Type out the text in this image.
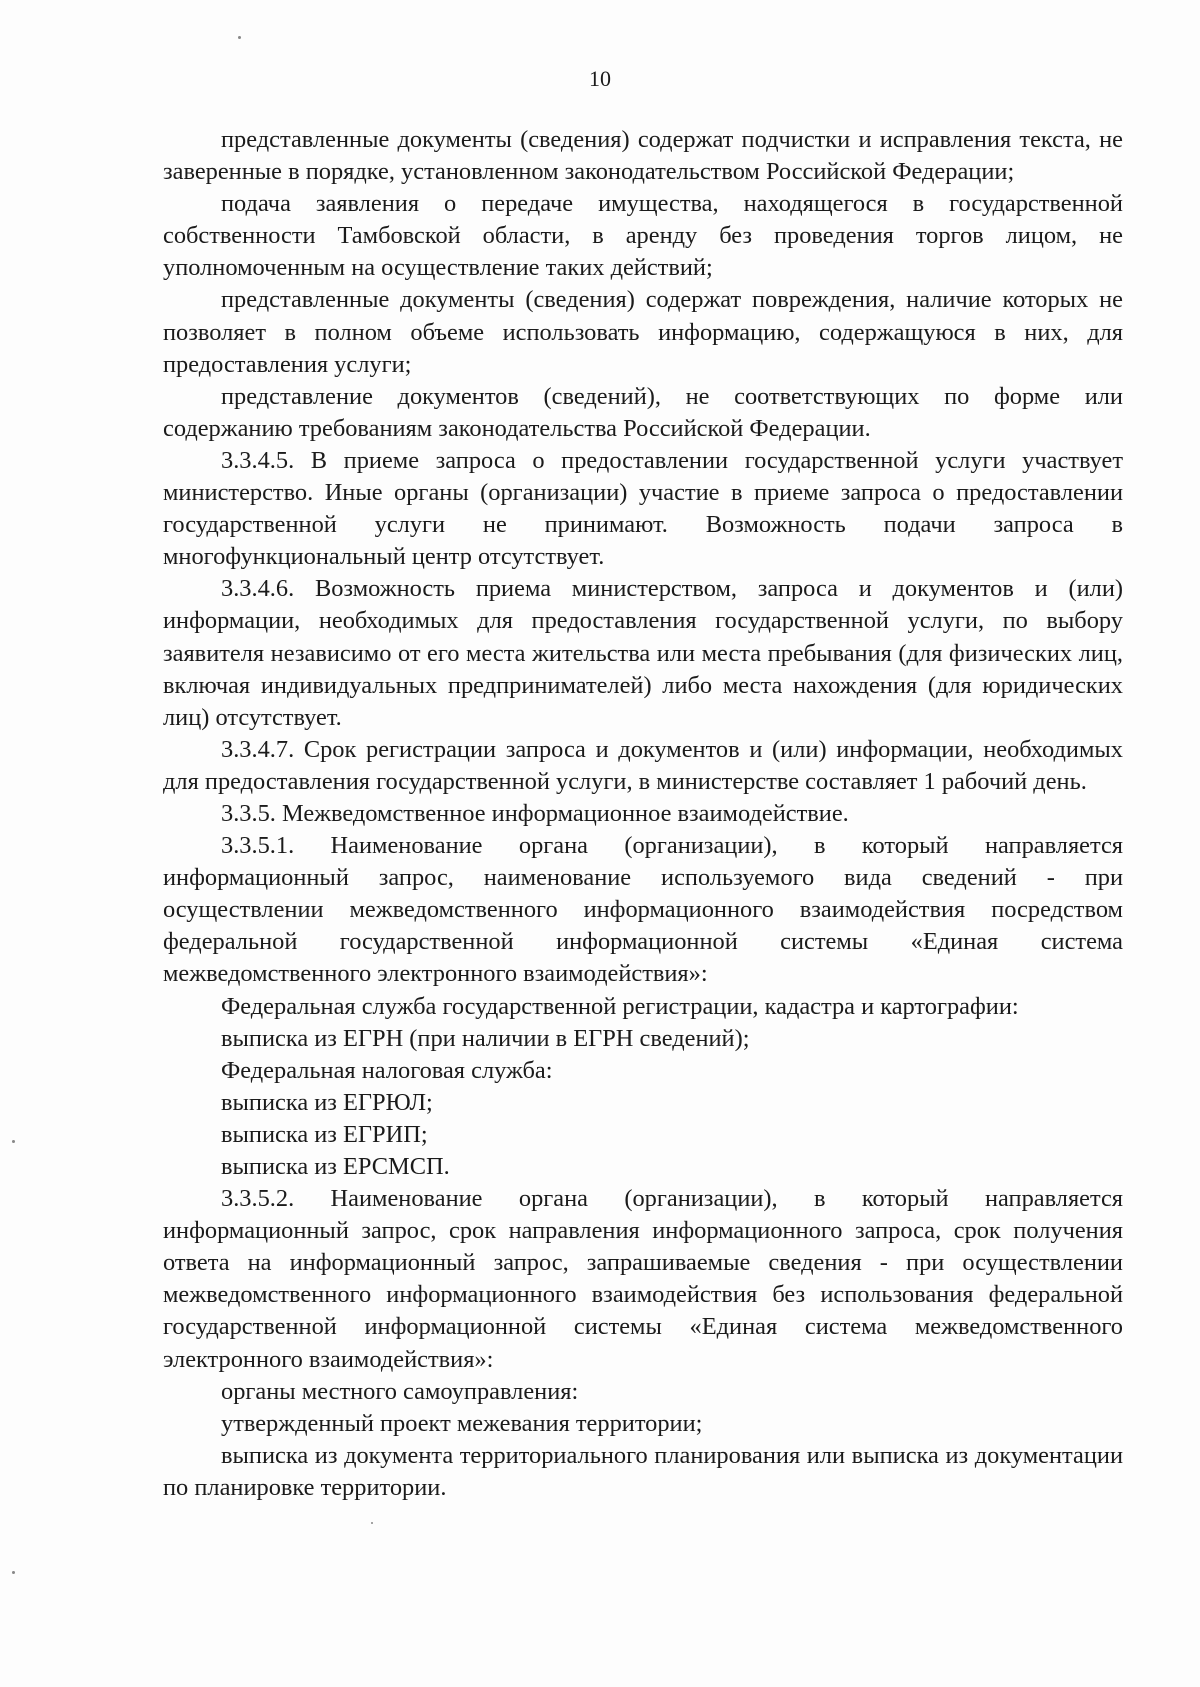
10

представленные документы (сведения) содержат подчистки и исправления текста, не заверенные в порядке, установленном законодательством Российской Федерации;

подача заявления о передаче имущества, находящегося в государственной собственности Тамбовской области, в аренду без проведения торгов лицом, не уполномоченным на осуществление таких действий;

представленные документы (сведения) содержат повреждения, наличие которых не позволяет в полном объеме использовать информацию, содержащуюся в них, для предоставления услуги;

представление документов (сведений), не соответствующих по форме или содержанию требованиям законодательства Российской Федерации.

3.3.4.5. В приеме запроса о предоставлении государственной услуги участвует министерство. Иные органы (организации) участие в приеме запроса о предоставлении государственной услуги не принимают. Возможность подачи запроса в многофункциональный центр отсутствует.

3.3.4.6. Возможность приема министерством, запроса и документов и (или) информации, необходимых для предоставления государственной услуги, по выбору заявителя независимо от его места жительства или места пребывания (для физических лиц, включая индивидуальных предпринимателей) либо места нахождения (для юридических лиц) отсутствует.

3.3.4.7. Срок регистрации запроса и документов и (или) информации, необходимых для предоставления государственной услуги, в министерстве составляет 1 рабочий день.

3.3.5. Межведомственное информационное взаимодействие.

3.3.5.1. Наименование органа (организации), в который направляется информационный запрос, наименование используемого вида сведений - при осуществлении межведомственного информационного взаимодействия посредством федеральной государственной информационной системы «Единая система межведомственного электронного взаимодействия»:

Федеральная служба государственной регистрации, кадастра и картографии:

выписка из ЕГРН (при наличии в ЕГРН сведений);

Федеральная налоговая служба:

выписка из ЕГРЮЛ;

выписка из ЕГРИП;

выписка из ЕРСМСП.

3.3.5.2. Наименование органа (организации), в который направляется информационный запрос, срок направления информационного запроса, срок получения ответа на информационный запрос, запрашиваемые сведения - при осуществлении межведомственного информационного взаимодействия без использования федеральной государственной информационной системы «Единая система межведомственного электронного взаимодействия»:

органы местного самоуправления:

утвержденный проект межевания территории;

выписка из документа территориального планирования или выписка из документации по планировке территории.
